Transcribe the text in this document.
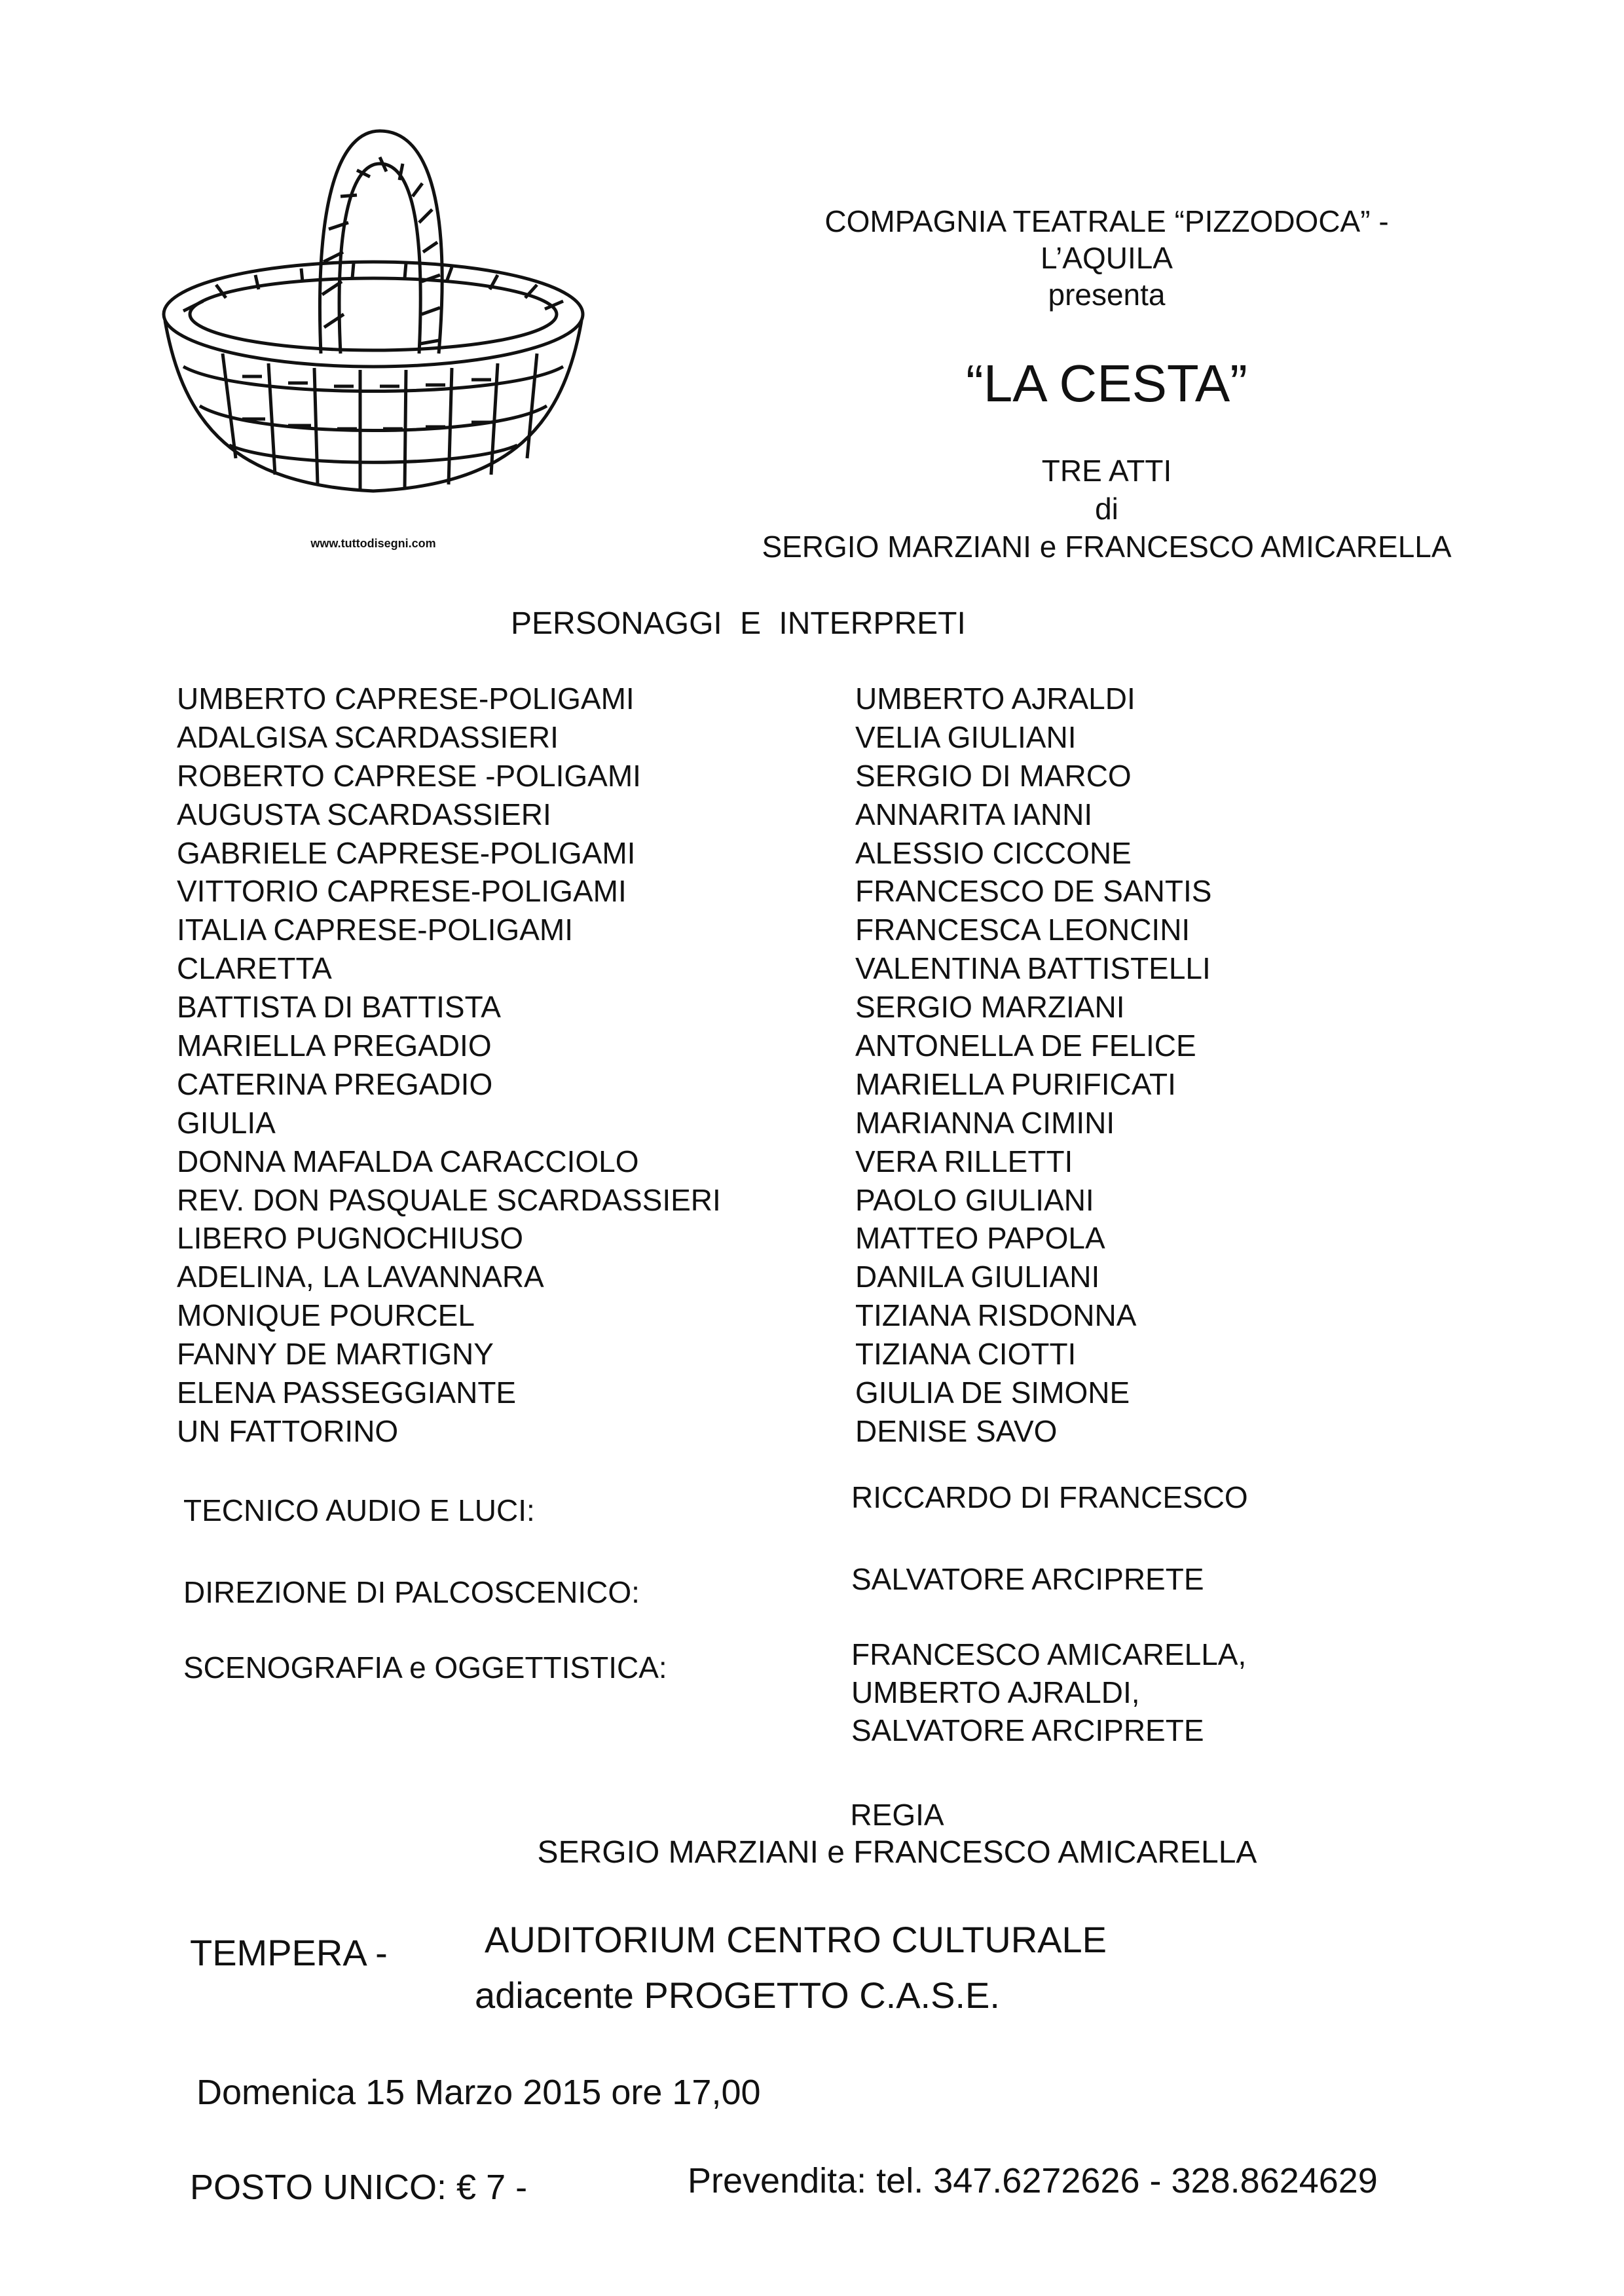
www.tuttodisegni.com
COMPAGNIA TEATRALE “PIZZODOCA” -
L’AQUILA
presenta
“LA CESTA”
TRE ATTI
di
SERGIO MARZIANI e FRANCESCO AMICARELLA
PERSONAGGI E INTERPRETI
UMBERTO CAPRESE-POLIGAMI	UMBERTO AJRALDI
ADALGISA SCARDASSIERI	VELIA GIULIANI
ROBERTO CAPRESE -POLIGAMI	SERGIO DI MARCO
AUGUSTA SCARDASSIERI	ANNARITA IANNI
GABRIELE CAPRESE-POLIGAMI	ALESSIO CICCONE
VITTORIO CAPRESE-POLIGAMI	FRANCESCO DE SANTIS
ITALIA CAPRESE-POLIGAMI	FRANCESCA LEONCINI
CLARETTA	VALENTINA BATTISTELLI
BATTISTA DI BATTISTA	SERGIO MARZIANI
MARIELLA PREGADIO	ANTONELLA DE FELICE
CATERINA PREGADIO	MARIELLA PURIFICATI
GIULIA	MARIANNA CIMINI
DONNA MAFALDA CARACCIOLO	VERA RILLETTI
REV. DON PASQUALE SCARDASSIERI	PAOLO GIULIANI
LIBERO PUGNOCHIUSO	MATTEO PAPOLA
ADELINA, LA LAVANNARA	DANILA GIULIANI
MONIQUE POURCEL	TIZIANA RISDONNA
FANNY DE MARTIGNY	TIZIANA CIOTTI
ELENA PASSEGGIANTE	GIULIA DE SIMONE
UN FATTORINO	DENISE SAVO
TECNICO AUDIO E LUCI:	RICCARDO DI FRANCESCO
DIREZIONE DI PALCOSCENICO:	SALVATORE ARCIPRETE
SCENOGRAFIA e OGGETTISTICA:	FRANCESCO AMICARELLA,
UMBERTO AJRALDI,
SALVATORE ARCIPRETE
REGIA
SERGIO MARZIANI e FRANCESCO AMICARELLA
TEMPERA -	AUDITORIUM CENTRO CULTURALE
adiacente PROGETTO C.A.S.E.
Domenica 15 Marzo 2015 ore 17,00
POSTO UNICO: € 7 -	Prevendita: tel. 347.6272626 - 328.8624629
